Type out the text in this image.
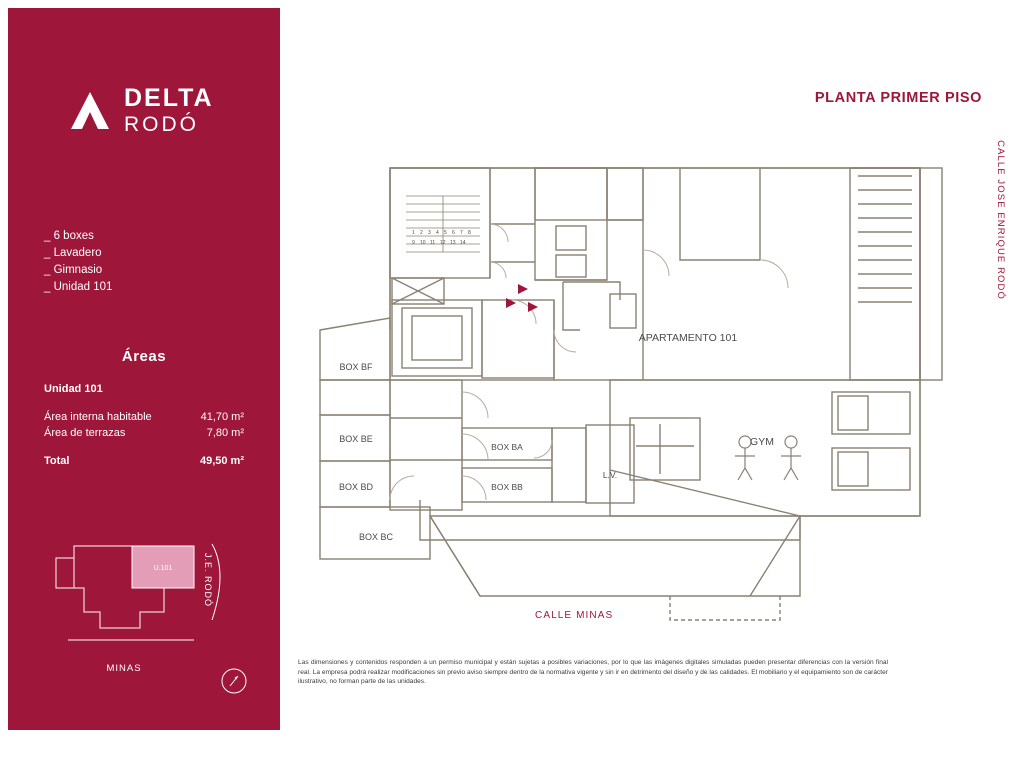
DELTA
RODÓ
_ 6 boxes
_ Lavadero
_ Gimnasio
_ Unidad 101
Áreas
Unidad 101
Área interna habitable	41,70 m²
Área de terrazas	7,80 m²
Total	49,50 m²
U.101
MINAS
J.E. RODÓ
PLANTA PRIMER PISO
CALLE JOSE ENRIQUE RODÓ
CALLE MINAS
APARTAMENTO 101
GYM
BOX BF
BOX BE
BOX BD
BOX BC
BOX BA
BOX BB
L.V.
1 2 3 4 5 6 7 8
9 10 11 12 13 14
Las dimensiones y contenidos responden a un permiso municipal y están sujetas a posibles variaciones, por lo que las imágenes digitales simuladas pueden presentar diferencias con la versión final real. La empresa podrá realizar modificaciones sin previo aviso siempre dentro de la normativa vigente y sin ir en detrimento del diseño y de las calidades. El mobiliario y el equipamiento son de carácter ilustrativo, no forman parte de las unidades.
